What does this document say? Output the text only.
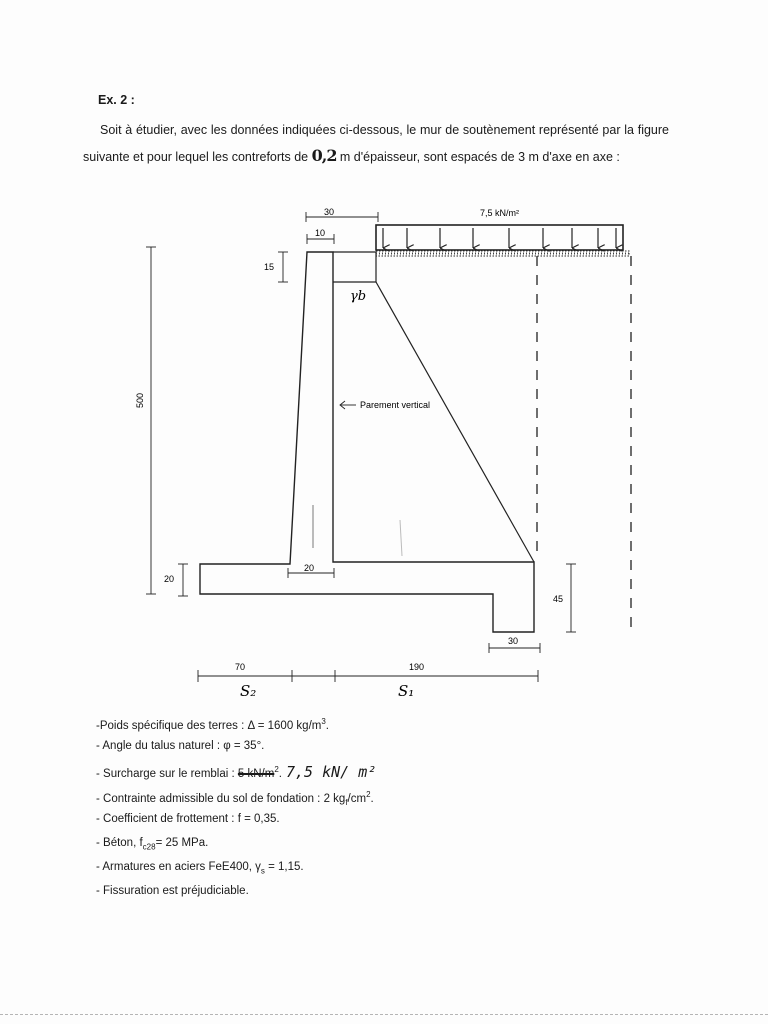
Ex. 2 :

Soit à étudier, avec les données indiquées ci-dessous, le mur de soutènement représenté par la figure suivante et pour lequel les contreforts de 0,2 m d'épaisseur, sont espacés de 3 m d'axe en axe :

7,5 kN/m²
30
10
15
500	Parement vertical
20
20
45
30
70	190
γb
S₂	S₁
-Poids spécifique des terres : Δ = 1600 $kg/m^3$.
- Angle du talus naturel : φ = 35°.
- Surcharge sur le remblai : 5 $kN/m^2$. 7,5 kN/ m²
- Contrainte admissible du sol de fondation : 2 $kg_f/cm^2$.
- Coefficient de frottement : f = 0,35.
- Béton, $f_{c28}= 25$ MPa.
- Armatures en aciers FeE400, $\gamma_s = 1,15$.
- Fissuration est préjudiciable.
